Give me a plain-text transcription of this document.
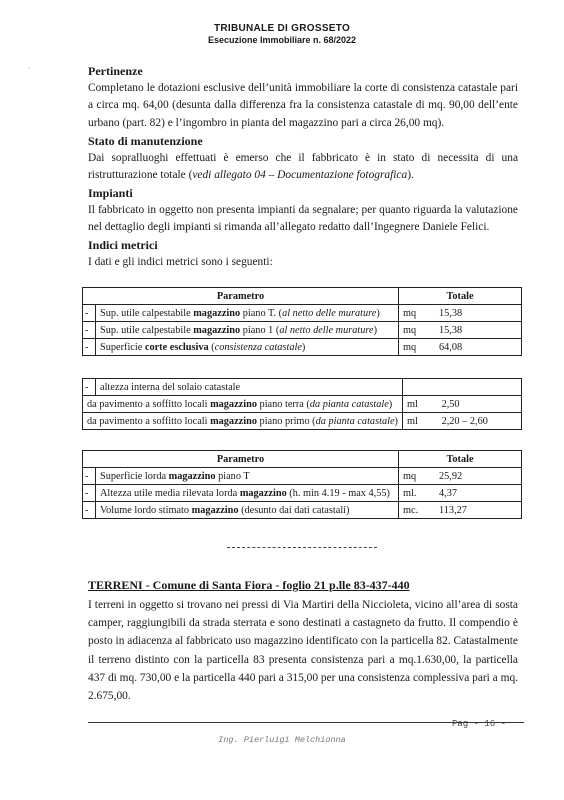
TRIBUNALE DI GROSSETO
Esecuzione Immobiliare n. 68/2022
·	Pertinenze
Completano le dotazioni esclusive dell’unità immobiliare la corte di consistenza catastale pari a circa mq. 64,00 (desunta dalla differenza fra la consistenza catastale di mq. 90,00 dell’ente urbano (part. 82) e l’ingombro in pianta del magazzino pari a circa 26,00 mq).
Stato di manutenzione
Dai sopralluoghi effettuati è emerso che il fabbricato è in stato di necessita di una ristrutturazione totale (vedi allegato 04 – Documentazione fotografica).
Impianti
Il fabbricato in oggetto non presenta impianti da segnalare; per quanto riguarda la valutazione nel dettaglio degli impianti si rimanda all’allegato redatto dall’Ingegnere Daniele Felici.
Indici metrici
I dati e gli indici metrici sono i seguenti:
Parametro		Totale	
-	Sup. utile calpestabile magazzino piano T. (al netto delle murature)	mq	15,38
-	Sup. utile calpestabile magazzino piano 1 (al netto delle murature)	mq	15,38
-	Superficie corte esclusiva (consistenza catastale)	mq	64,08
-	altezza interna del solaio catastale		
da pavimento a soffitto locali magazzino piano terra (da pianta catastale)		ml	2,50
da pavimento a soffitto locali magazzino piano primo (da pianta catastale)		ml	2,20 – 2,60
Parametro		Totale	
-	Superficie lorda magazzino piano T	mq	25,92
-	Altezza utile media rilevata lorda magazzino (h. min 4.19 - max 4,55)	ml.	4,37
-	Volume lordo stimato magazzino (desunto dai dati catastali)	mc.	113,27
TERRENI - Comune di Santa Fiora - foglio 21 p.lle 83-437-440
I terreni in oggetto si trovano nei pressi di Via Martiri della Niccioleta, vicino all’area di sosta camper, raggiungibili da strada sterrata e sono destinati a castagneto da frutto. Il compendio è posto in adiacenza al fabbricato uso magazzino identificato con la particella 82. Catastalmente il terreno distinto con la particella 83 presenta consistenza pari a mq.1.630,00, la particella 437 di mq. 730,00 e la particella 440 pari a 315,00 per una consistenza complessiva pari a mq. 2.675,00.
Pag - 16 -
Ing. Pierluigi Melchionna
